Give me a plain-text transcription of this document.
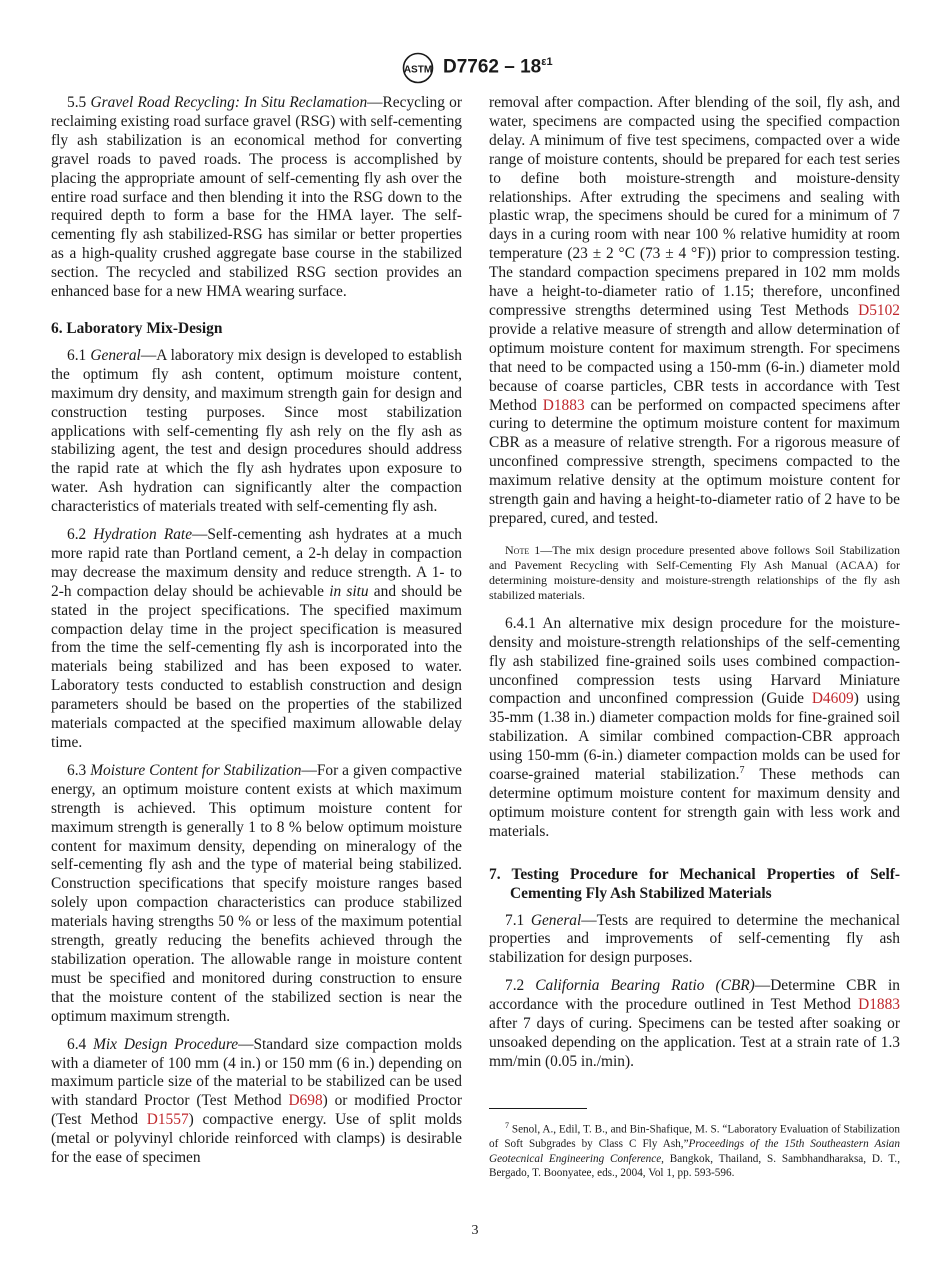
ASTM $D7762 - 18^{\varepsilon 1}$

5.5 Gravel Road Recycling: In Situ Reclamation—Recycling or reclaiming existing road surface gravel (RSG) with self-cementing fly ash stabilization is an economical method for converting gravel roads to paved roads. The process is accomplished by placing the appropriate amount of self-cementing fly ash over the entire road surface and then blending it into the RSG down to the required depth to form a base for the HMA layer. The self-cementing fly ash stabilized-RSG has similar or better properties as a high-quality crushed aggregate base course in the stabilized section. The recycled and stabilized RSG section provides an enhanced base for a new HMA wearing surface.

6. Laboratory Mix-Design

6.1 General—A laboratory mix design is developed to establish the optimum fly ash content, optimum moisture content, maximum dry density, and maximum strength gain for design and construction testing purposes. Since most stabilization applications with self-cementing fly ash rely on the fly ash as stabilizing agent, the test and design procedures should address the rapid rate at which the fly ash hydrates upon exposure to water. Ash hydration can significantly alter the compaction characteristics of materials treated with self-cementing fly ash.

6.2 Hydration Rate—Self-cementing ash hydrates at a much more rapid rate than Portland cement, a 2-h delay in compaction may decrease the maximum density and reduce strength. A 1- to 2-h compaction delay should be achievable in situ and should be stated in the project specifications. The specified maximum compaction delay time in the project specification is measured from the time the self-cementing fly ash is incorporated into the materials being stabilized and has been exposed to water. Laboratory tests conducted to establish construction and design parameters should be based on the properties of the stabilized materials compacted at the specified maximum allowable delay time.

6.3 Moisture Content for Stabilization—For a given compactive energy, an optimum moisture content exists at which maximum strength is achieved. This optimum moisture content for maximum strength is generally 1 to 8 % below optimum moisture content for maximum density, depending on mineralogy of the self-cementing fly ash and the type of material being stabilized. Construction specifications that specify moisture ranges based solely upon compaction characteristics can produce stabilized materials having strengths 50 % or less of the maximum potential strength, greatly reducing the benefits achieved through the stabilization operation. The allowable range in moisture content must be specified and monitored during construction to ensure that the moisture content of the stabilized section is near the optimum maximum strength.

6.4 Mix Design Procedure—Standard size compaction molds with a diameter of 100 mm (4 in.) or 150 mm (6 in.) depending on maximum particle size of the material to be stabilized can be used with standard Proctor (Test Method D698) or modified Proctor (Test Method D1557) compactive energy. Use of split molds (metal or polyvinyl chloride reinforced with clamps) is desirable for the ease of specimen

removal after compaction. After blending of the soil, fly ash, and water, specimens are compacted using the specified compaction delay. A minimum of five test specimens, compacted over a wide range of moisture contents, should be prepared for each test series to define both moisture-strength and moisture-density relationships. After extruding the specimens and sealing with plastic wrap, the specimens should be cured for a minimum of 7 days in a curing room with near 100 % relative humidity at room temperature (23 ± 2 °C (73 ± 4 °F)) prior to compression testing. The standard compaction specimens prepared in 102 mm molds have a height-to-diameter ratio of 1.15; therefore, unconfined compressive strengths determined using Test Methods D5102 provide a relative measure of strength and allow determination of optimum moisture content for maximum strength. For specimens that need to be compacted using a 150-mm (6-in.) diameter mold because of coarse particles, CBR tests in accordance with Test Method D1883 can be performed on compacted specimens after curing to determine the optimum moisture content for maximum CBR as a measure of relative strength. For a rigorous measure of unconfined compressive strength, specimens compacted to the maximum relative density at the optimum moisture content for strength gain and having a height-to-diameter ratio of 2 have to be prepared, cured, and tested.

Note 1—The mix design procedure presented above follows Soil Stabilization and Pavement Recycling with Self-Cementing Fly Ash Manual (ACAA) for determining moisture-density and moisture-strength relationships of the fly ash stabilized materials.

6.4.1 An alternative mix design procedure for the moisture-density and moisture-strength relationships of the self-cementing fly ash stabilized fine-grained soils uses combined compaction-unconfined compression tests using Harvard Miniature compaction and unconfined compression (Guide D4609) using 35-mm (1.38 in.) diameter compaction molds for fine-grained soil stabilization. A similar combined compaction-CBR approach using 150-mm (6-in.) diameter compaction molds can be used for coarse-grained material stabilization.$^7$ These methods can determine optimum moisture content for maximum density and optimum moisture content for strength gain with less work and materials.

7. Testing Procedure for Mechanical Properties of Self-Cementing Fly Ash Stabilized Materials

7.1 General—Tests are required to determine the mechanical properties and improvements of self-cementing fly ash stabilization for design purposes.

7.2 California Bearing Ratio (CBR)—Determine CBR in accordance with the procedure outlined in Test Method D1883 after 7 days of curing. Specimens can be tested after soaking or unsoaked depending on the application. Test at a strain rate of 1.3 mm/min (0.05 in./min).

$^7$ Senol, A., Edil, T. B., and Bin-Shafique, M. S. “Laboratory Evaluation of Stabilization of Soft Subgrades by Class C Fly Ash,”Proceedings of the 15th Southeastern Asian Geotecnical Engineering Conference, Bangkok, Thailand, S. Sambhandharaksa, D. T., Bergado, T. Boonyatee, eds., 2004, Vol 1, pp. 593-596.
3
